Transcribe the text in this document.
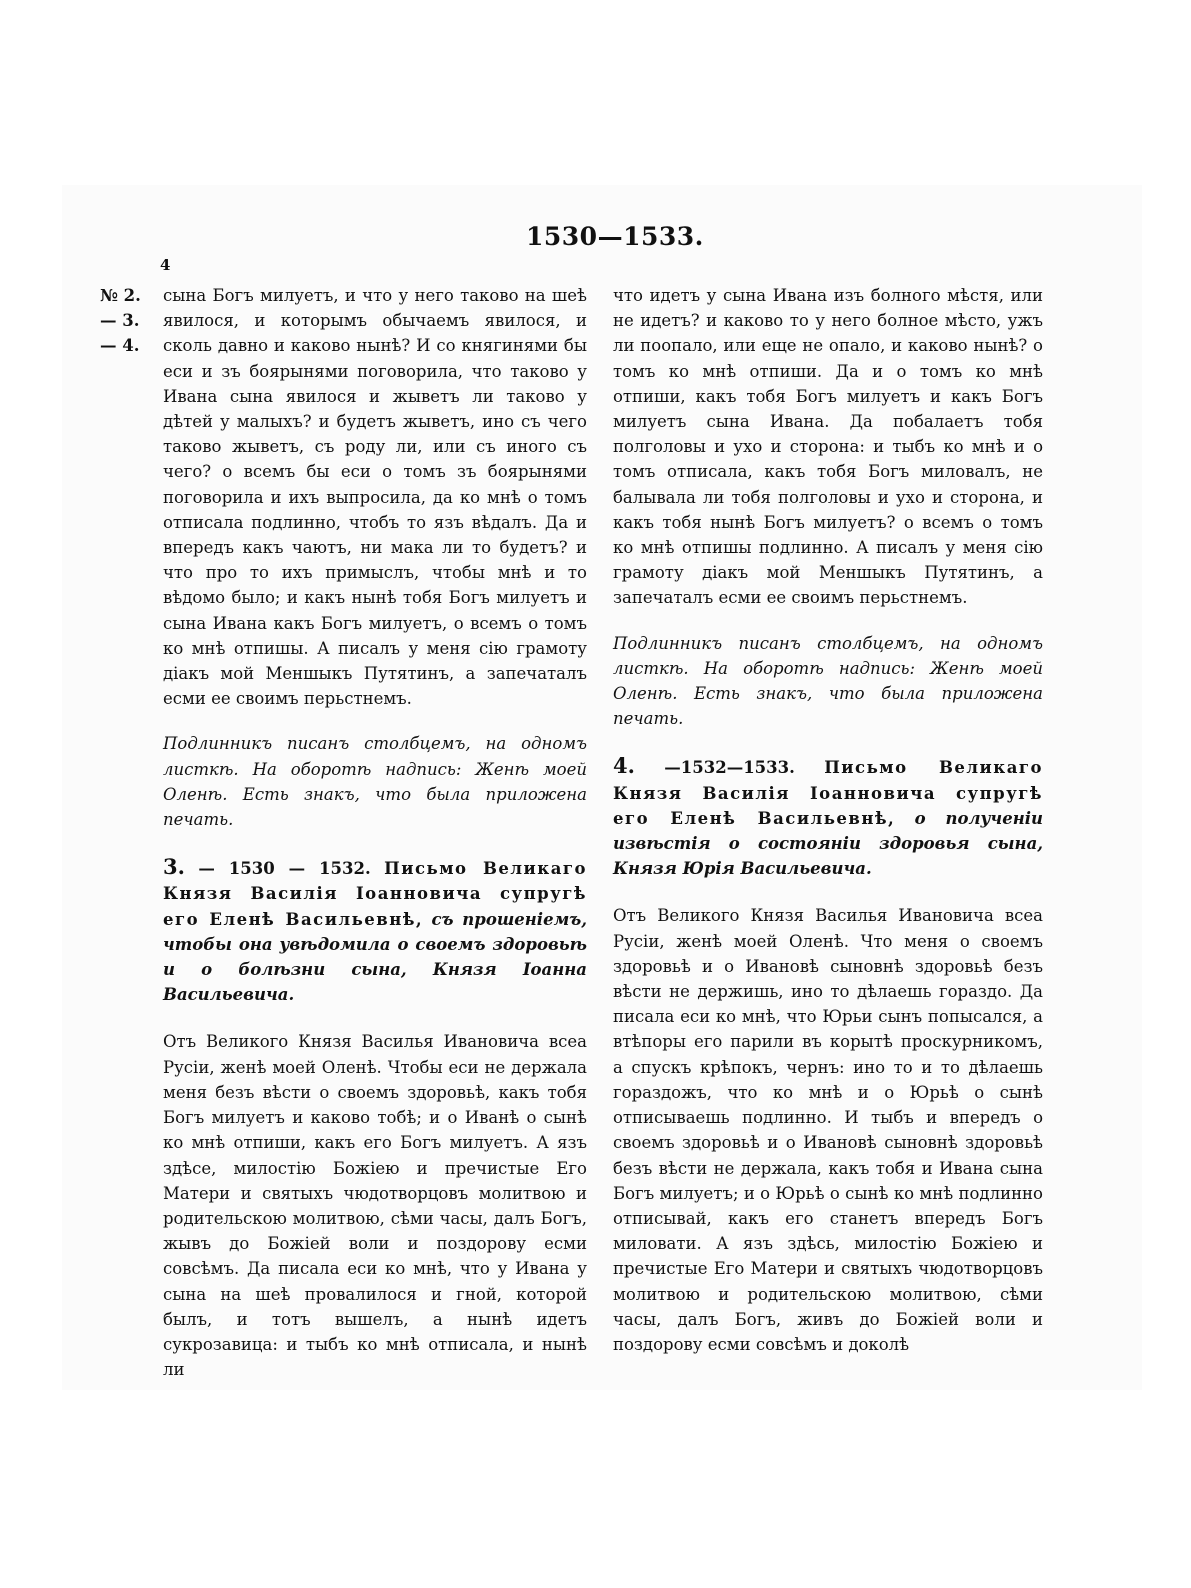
1530—1533.
4
№ 2.
— 3.
— 4.

сына Богъ милуетъ, и что у него таково на шеѣ явилося, и которымъ обычаемъ явилося, и сколь давно и каково нынѣ? И со княгинями бы еси и зъ боярынями поговорила, что таково у Ивана сына явилося и жыветъ ли таково у дѣтей у малыхъ? и будетъ жыветъ, ино съ чего таково жыветъ, съ роду ли, или съ иного съ чего? о всемъ бы еси о томъ зъ боярынями поговорила и ихъ выпросила, да ко мнѣ о томъ отписала подлинно, чтобъ то язъ вѣдалъ. Да и впередъ какъ чаютъ, ни мака ли то будетъ? и что про то ихъ примыслъ, чтобы мнѣ и то вѣдомо было; и какъ нынѣ тобя Богъ милуетъ и сына Ивана какъ Богъ милуетъ, о всемъ о томъ ко мнѣ отпишы. А писалъ у меня сію грамоту діакъ мой Меншыкъ Путятинъ, а запечаталъ есми ее своимъ перьстнемъ.

Подлинникъ писанъ столбцемъ, на одномъ листкѣ. На оборотѣ надпись: Женѣ моей Оленѣ. Есть знакъ, что была приложена печать.

3. — 1530 — 1532. Письмо Великаго Князя Василія Іоанновича супругѣ его Еленѣ Васильевнѣ, съ прошеніемъ, чтобы она увѣдомила о своемъ здоровьѣ и о болѣзни сына, Князя Іоанна Васильевича.

Отъ Великого Князя Василья Ивановича всеа Русіи, женѣ моей Оленѣ. Чтобы еси не держала меня безъ вѣсти о своемъ здоровьѣ, какъ тобя Богъ милуетъ и каково тобѣ; и о Иванѣ о сынѣ ко мнѣ отпиши, какъ его Богъ милуетъ. А язъ здѣсе, милостію Божіею и пречистые Его Матери и святыхъ чюдотворцовъ молитвою и родительскою молитвою, сѣми часы, далъ Богъ, жывъ до Божіей воли и поздорову есми совсѣмъ. Да писала еси ко мнѣ, что у Ивана у сына на шеѣ провалилося и гной, которой былъ, и тотъ вышелъ, а нынѣ идетъ сукрозавица: и тыбъ ко мнѣ отписала, и нынѣ ли

что идетъ у сына Ивана изъ болного мѣстя, или не идетъ? и каково то у него болное мѣсто, ужъ ли поопало, или еще не опало, и каково нынѣ? о томъ ко мнѣ отпиши. Да и о томъ ко мнѣ отпиши, какъ тобя Богъ милуетъ и какъ Богъ милуетъ сына Ивана. Да побалаетъ тобя полголовы и ухо и сторона: и тыбъ ко мнѣ и о томъ отписала, какъ тобя Богъ миловалъ, не балывала ли тобя полголовы и ухо и сторона, и какъ тобя нынѣ Богъ милуетъ? о всемъ о томъ ко мнѣ отпишы подлинно. А писалъ у меня сію грамоту діакъ мой Меншыкъ Путятинъ, а запечаталъ есми ее своимъ перьстнемъ.

Подлинникъ писанъ столбцемъ, на одномъ листкѣ. На оборотѣ надпись: Женѣ моей Оленѣ. Есть знакъ, что была приложена печать.

4. —1532—1533. Письмо Великаго Князя Василія Іоанновича супругѣ его Еленѣ Васильевнѣ, о полученіи извѣстія о состояніи здоровья сына, Князя Юрія Васильевича.

Отъ Великого Князя Василья Ивановича всеа Русіи, женѣ моей Оленѣ. Что меня о своемъ здоровьѣ и о Ивановѣ сыновнѣ здоровьѣ безъ вѣсти не держишь, ино то дѣлаешь гораздо. Да писала еси ко мнѣ, что Юрьи сынъ попысался, а втѣпоры его парили въ корытѣ проскурникомъ, а спускъ крѣпокъ, чернъ: ино то и то дѣлаешь гораздожъ, что ко мнѣ и о Юрьѣ о сынѣ отписываешь подлинно. И тыбъ и впередъ о своемъ здоровьѣ и о Ивановѣ сыновнѣ здоровьѣ безъ вѣсти не держала, какъ тобя и Ивана сына Богъ милуетъ; и о Юрьѣ о сынѣ ко мнѣ подлинно отписывай, какъ его станетъ впередъ Богъ миловати. А язъ здѣсь, милостію Божіею и пречистые Его Матери и святыхъ чюдотворцовъ молитвою и родительскою молитвою, сѣми часы, далъ Богъ, живъ до Божіей воли и поздорову есми совсѣмъ и доколѣ
